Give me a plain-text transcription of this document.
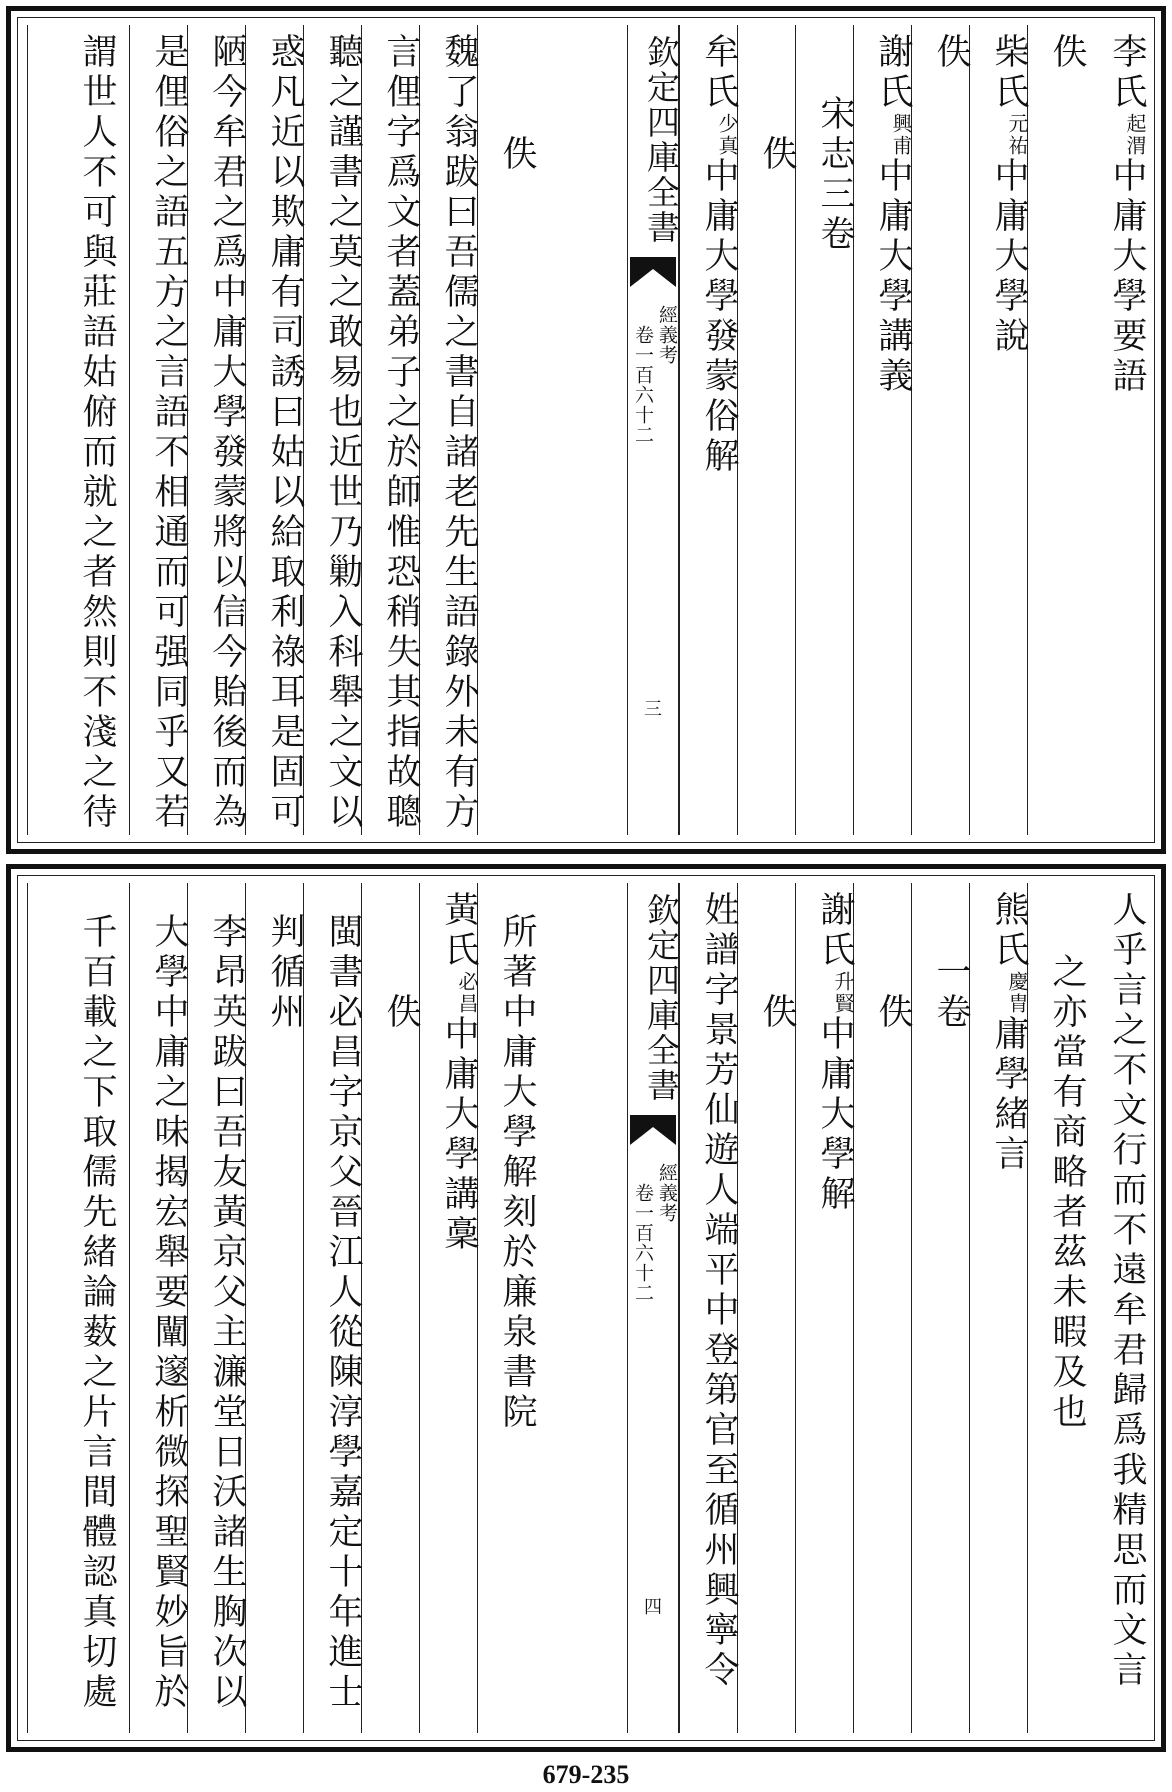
李氏
起渭
中庸大學要語
佚
柴氏
元祐
中庸大學說
佚
謝氏
興甫
中庸大學講義
宋志三卷
佚
牟氏
少真
中庸大學發蒙俗解
欽定四庫全書
經義考
卷一百六十二
三
佚
魏了翁跋曰吾儒之書自諸老先生語錄外未有方
言俚字爲文者蓋弟子之於師惟恐稍失其指故聰
聽之謹書之莫之敢易也近世乃勦入科舉之文以
惑凡近以欺庸有司誘曰姑以給取利祿耳是固可
陋今牟君之爲中庸大學發蒙將以信今貽後而為
是俚俗之語五方之言語不相通而可强同乎又若
謂世人不可與莊語姑俯而就之者然則不淺之待
人乎言之不文行而不遠牟君歸爲我精思而文言
之亦當有商略者茲未暇及也
熊氏
慶胄
庸學緒言
一卷
佚
謝氏
升賢
中庸大學解
佚
姓譜字景芳仙遊人端平中登第官至循州興寧令
欽定四庫全書
經義考
卷一百六十二
四
所著中庸大學解刻於廉泉書院
黃氏
必昌
中庸大學講稾
佚
閩書必昌字京父晉江人從陳淳學嘉定十年進士
判循州
李昂英跋曰吾友黃京父主濂堂日沃諸生胸次以
大學中庸之味揭宏舉要闡邃析微探聖賢妙旨於
千百載之下取儒先緒論薮之片言間體認真切處
679-235
